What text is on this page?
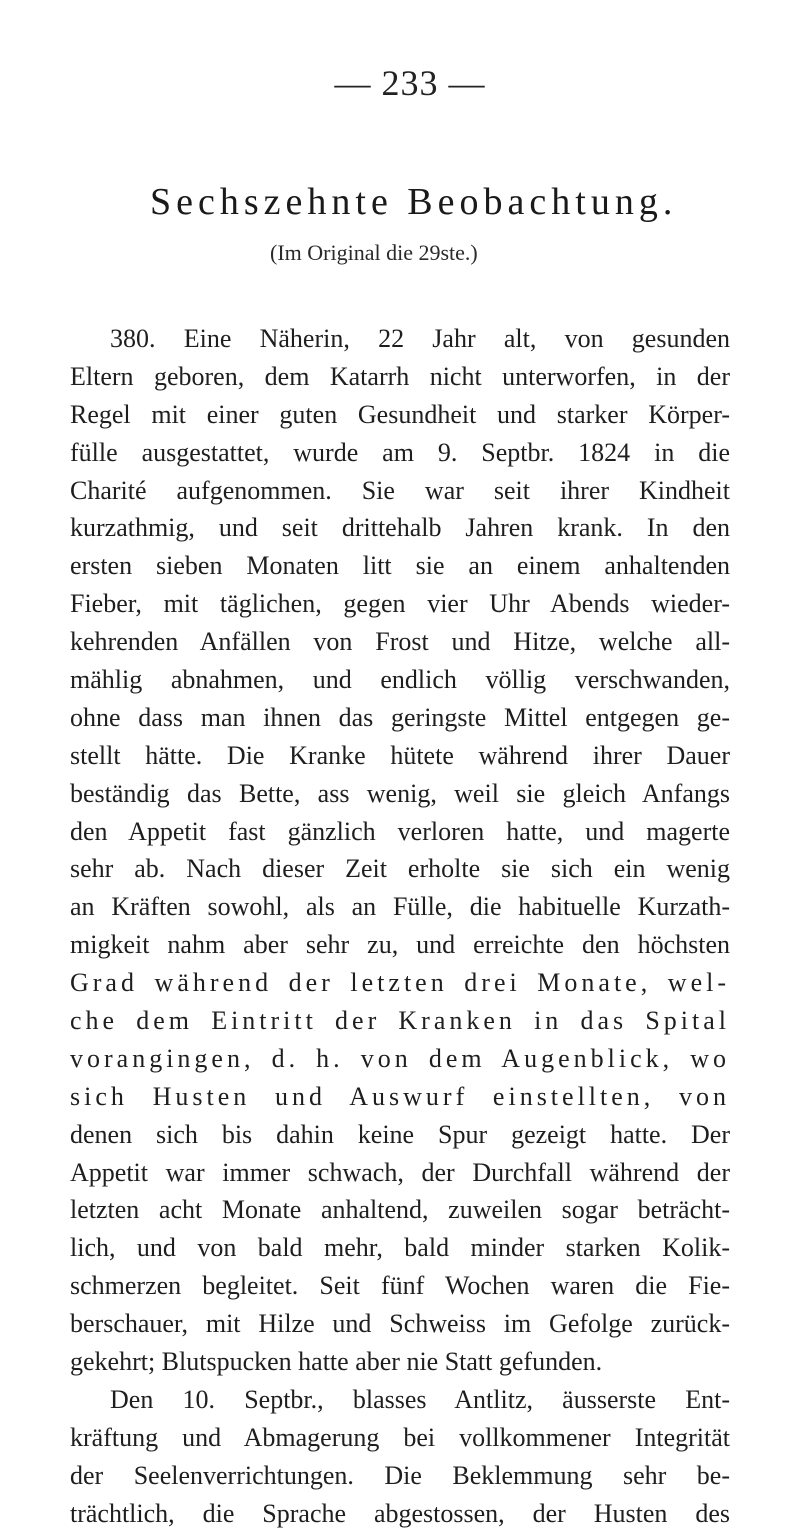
— 233 —
Sechszehnte Beobachtung.
(Im Original die 29ste.)
380. Eine Näherin, 22 Jahr alt, von gesunden
Eltern geboren, dem Katarrh nicht unterworfen, in der
Regel mit einer guten Gesundheit und starker Körper-
fülle ausgestattet, wurde am 9. Septbr. 1824 in die
Charité aufgenommen. Sie war seit ihrer Kindheit
kurzathmig, und seit drittehalb Jahren krank. In den
ersten sieben Monaten litt sie an einem anhaltenden
Fieber, mit täglichen, gegen vier Uhr Abends wieder-
kehrenden Anfällen von Frost und Hitze, welche all-
mählig abnahmen, und endlich völlig verschwanden,
ohne dass man ihnen das geringste Mittel entgegen ge-
stellt hätte. Die Kranke hütete während ihrer Dauer
beständig das Bette, ass wenig, weil sie gleich Anfangs
den Appetit fast gänzlich verloren hatte, und magerte
sehr ab. Nach dieser Zeit erholte sie sich ein wenig
an Kräften sowohl, als an Fülle, die habituelle Kurzath-
migkeit nahm aber sehr zu, und erreichte den höchsten
Grad während der letzten drei Monate, wel-
che dem Eintritt der Kranken in das Spital
vorangingen, d. h. von dem Augenblick, wo
sich Husten und Auswurf einstellten, von
denen sich bis dahin keine Spur gezeigt hatte. Der
Appetit war immer schwach, der Durchfall während der
letzten acht Monate anhaltend, zuweilen sogar beträcht-
lich, und von bald mehr, bald minder starken Kolik-
schmerzen begleitet. Seit fünf Wochen waren die Fie-
berschauer, mit Hilze und Schweiss im Gefolge zurück-
gekehrt; Blutspucken hatte aber nie Statt gefunden.
Den 10. Septbr., blasses Antlitz, äusserste Ent-
kräftung und Abmagerung bei vollkommener Integrität
der Seelenverrichtungen. Die Beklemmung sehr be-
trächtlich, die Sprache abgestossen, der Husten des
